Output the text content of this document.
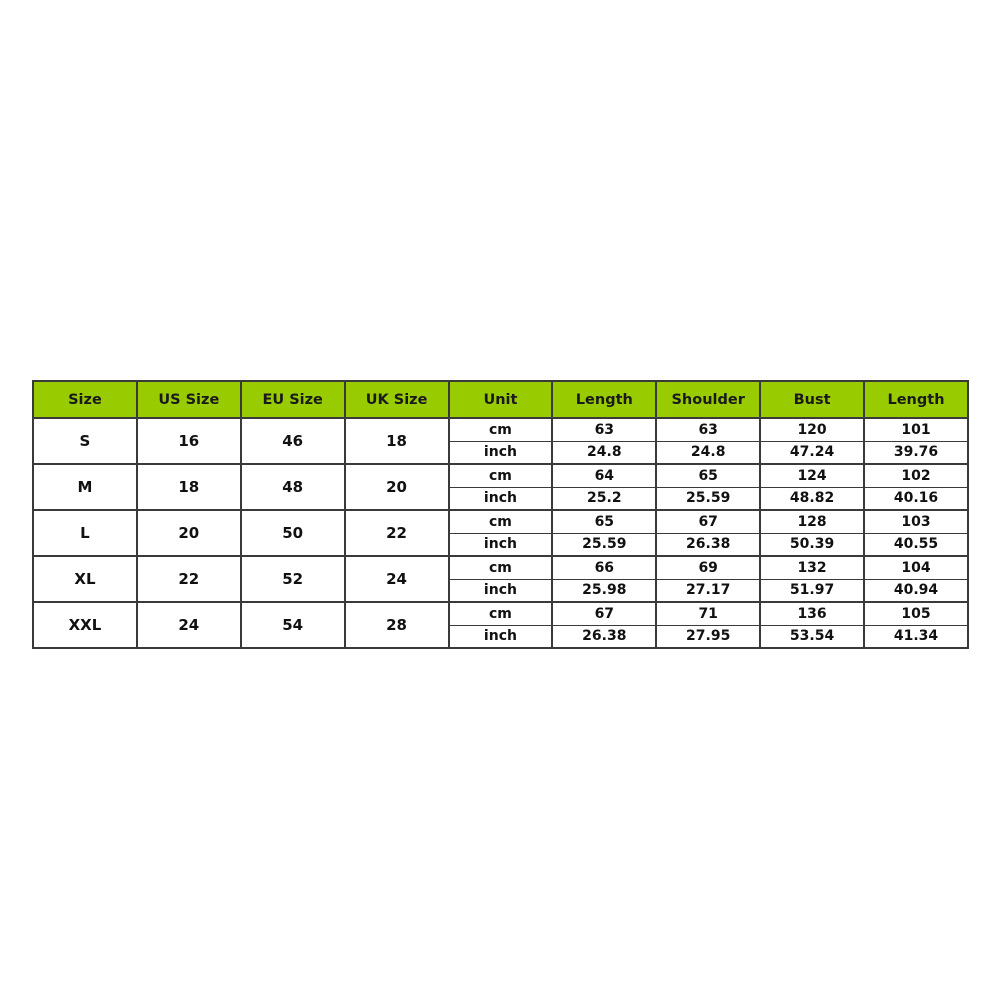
Size	US Size	EU Size	UK Size	Unit	Length	Shoulder	Bust	Length
S	16	46	18	cm	63	63	120	101
				inch	24.8	24.8	47.24	39.76
M	18	48	20	cm	64	65	124	102
				inch	25.2	25.59	48.82	40.16
L	20	50	22	cm	65	67	128	103
				inch	25.59	26.38	50.39	40.55
XL	22	52	24	cm	66	69	132	104
				inch	25.98	27.17	51.97	40.94
XXL	24	54	28	cm	67	71	136	105
				inch	26.38	27.95	53.54	41.34
